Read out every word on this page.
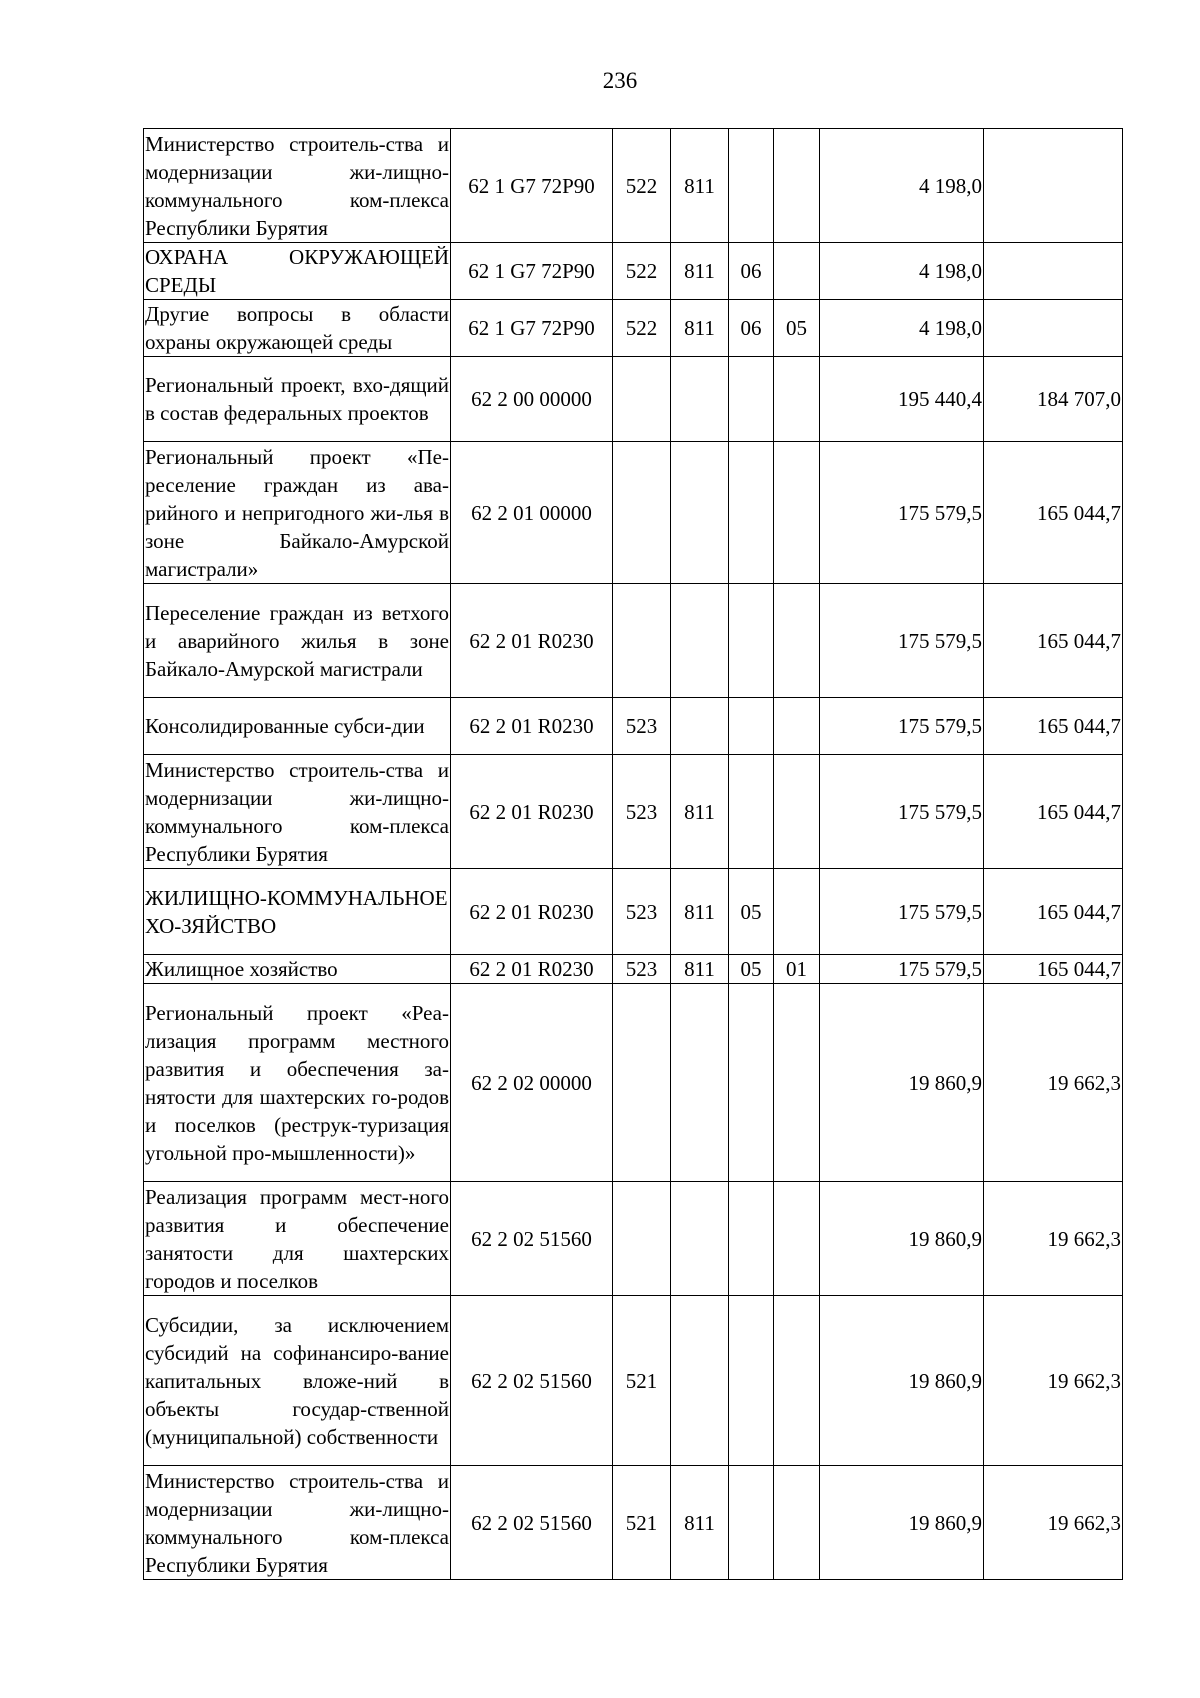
236
Министерство строитель-ства и модернизации жи-лищно-коммунального ком-плекса Республики Бурятия	62 1 G7 72P90	522	811			4 198,0	
ОХРАНА ОКРУЖАЮЩЕЙ СРЕДЫ	62 1 G7 72P90	522	811	06		4 198,0	
Другие вопросы в области охраны окружающей среды	62 1 G7 72P90	522	811	06	05	4 198,0	
Региональный проект, вхо-дящий в состав федеральных проектов	62 2 00 00000					195 440,4	184 707,0
Региональный проект «Пе-реселение граждан из ава-рийного и непригодного жи-лья в зоне Байкало-Амурской магистрали»	62 2 01 00000					175 579,5	165 044,7
Переселение граждан из ветхого и аварийного жилья в зоне Байкало-Амурской магистрали	62 2 01 R0230					175 579,5	165 044,7
Консолидированные субси-дии	62 2 01 R0230	523				175 579,5	165 044,7
Министерство строитель-ства и модернизации жи-лищно-коммунального ком-плекса Республики Бурятия	62 2 01 R0230	523	811			175 579,5	165 044,7
ЖИЛИЩНО-КОММУНАЛЬНОЕ ХО-ЗЯЙСТВО	62 2 01 R0230	523	811	05		175 579,5	165 044,7
Жилищное хозяйство	62 2 01 R0230	523	811	05	01	175 579,5	165 044,7
Региональный проект «Реа-лизация программ местного развития и обеспечения за-нятости для шахтерских го-родов и поселков (реструк-туризация угольной про-мышленности)»	62 2 02 00000					19 860,9	19 662,3
Реализация программ мест-ного развития и обеспечение занятости для шахтерских городов и поселков	62 2 02 51560					19 860,9	19 662,3
Субсидии, за исключением субсидий на софинансиро-вание капитальных вложе-ний в объекты государ-ственной (муниципальной) собственности	62 2 02 51560	521				19 860,9	19 662,3
Министерство строитель-ства и модернизации жи-лищно-коммунального ком-плекса Республики Бурятия	62 2 02 51560	521	811			19 860,9	19 662,3
